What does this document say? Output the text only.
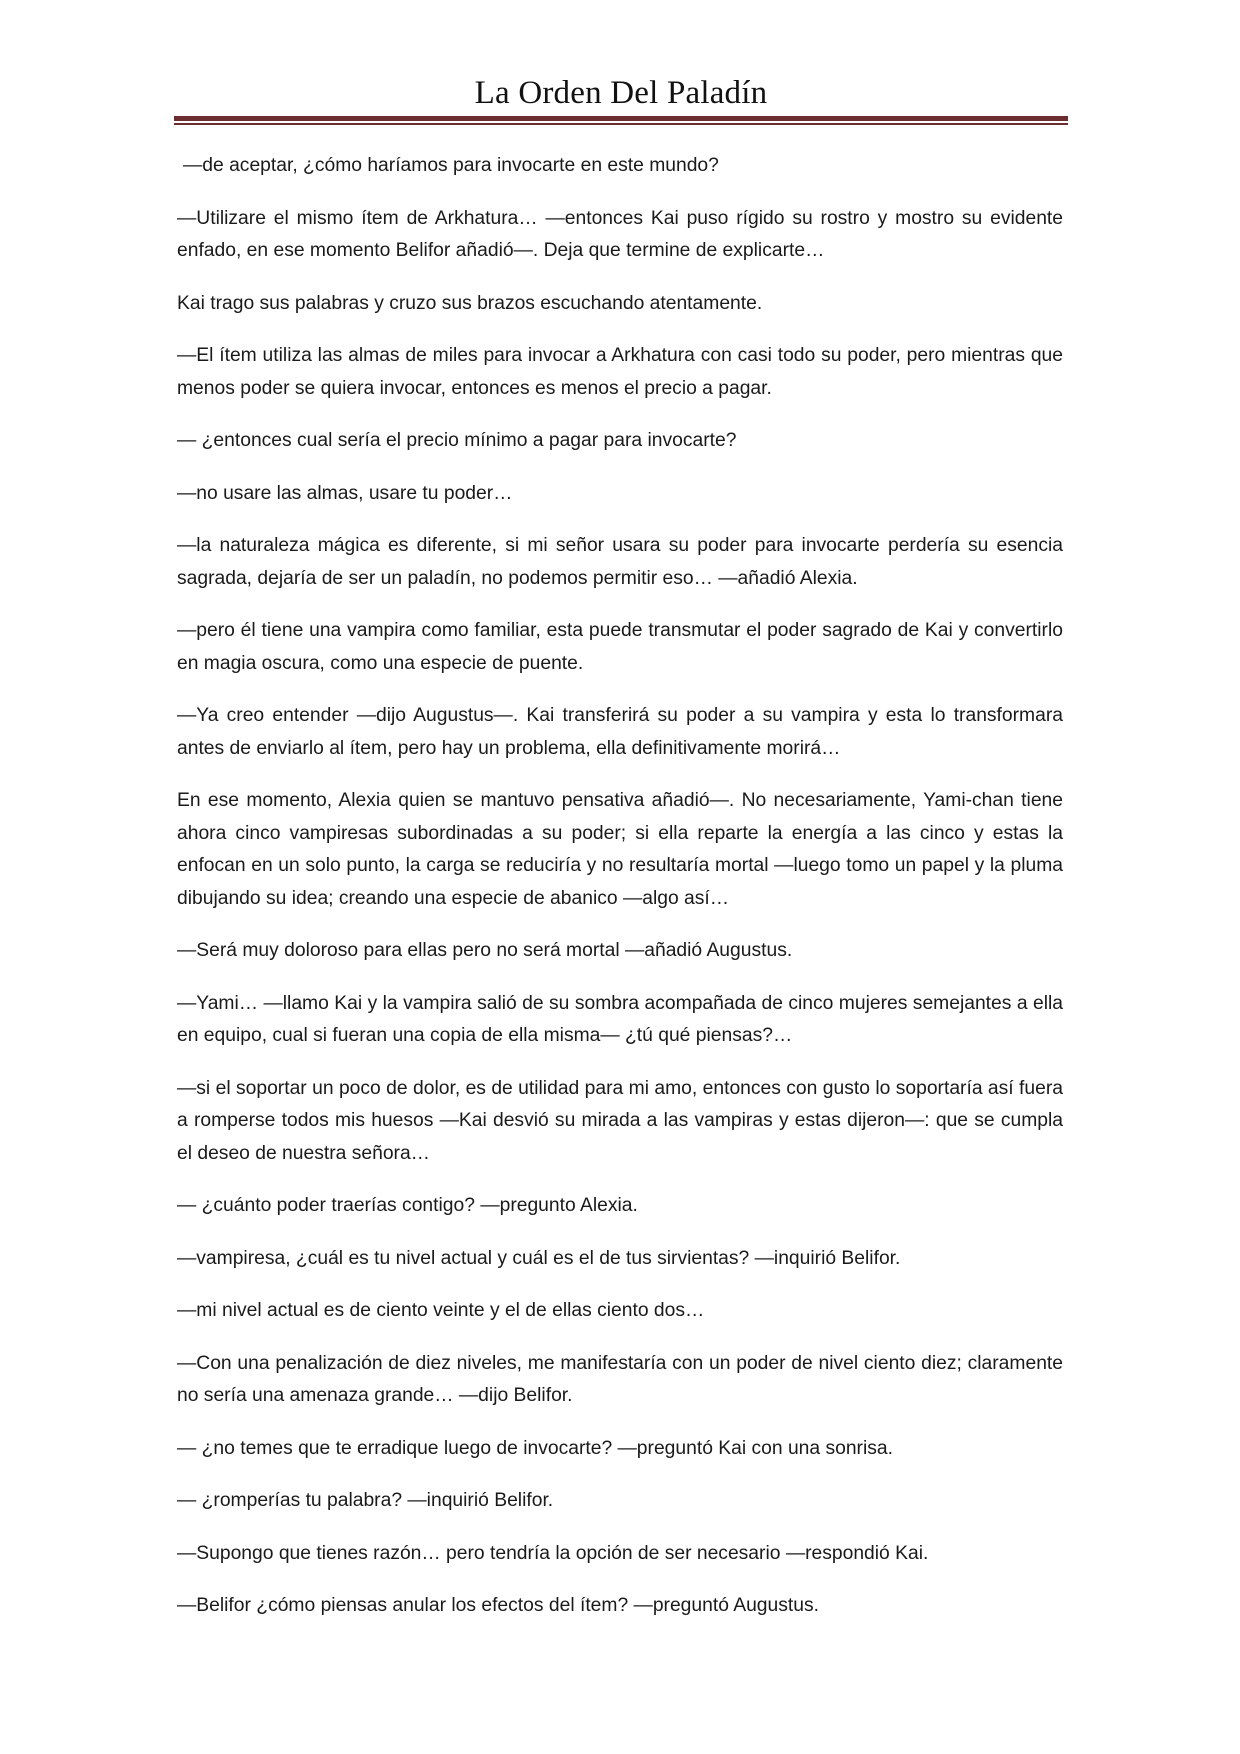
La Orden Del Paladín

—de aceptar, ¿cómo haríamos para invocarte en este mundo?

—Utilizare el mismo ítem de Arkhatura… —entonces Kai puso rígido su rostro y mostro su evidente enfado, en ese momento Belifor añadió—. Deja que termine de explicarte…

Kai trago sus palabras y cruzo sus brazos escuchando atentamente.

—El ítem utiliza las almas de miles para invocar a Arkhatura con casi todo su poder, pero mientras que menos poder se quiera invocar, entonces es menos el precio a pagar.

— ¿entonces cual sería el precio mínimo a pagar para invocarte?

—no usare las almas, usare tu poder…

—la naturaleza mágica es diferente, si mi señor usara su poder para invocarte perdería su esencia sagrada, dejaría de ser un paladín, no podemos permitir eso… —añadió Alexia.

—pero él tiene una vampira como familiar, esta puede transmutar el poder sagrado de Kai y convertirlo en magia oscura, como una especie de puente.

—Ya creo entender —dijo Augustus—. Kai transferirá su poder a su vampira y esta lo transformara antes de enviarlo al ítem, pero hay un problema, ella definitivamente morirá…

En ese momento, Alexia quien se mantuvo pensativa añadió—. No necesariamente, Yami-chan tiene ahora cinco vampiresas subordinadas a su poder; si ella reparte la energía a las cinco y estas la enfocan en un solo punto, la carga se reduciría y no resultaría mortal —luego tomo un papel y la pluma dibujando su idea; creando una especie de abanico —algo así…

—Será muy doloroso para ellas pero no será mortal —añadió Augustus.

—Yami… —llamo Kai y la vampira salió de su sombra acompañada de cinco mujeres semejantes a ella en equipo, cual si fueran una copia de ella misma— ¿tú qué piensas?…

—si el soportar un poco de dolor, es de utilidad para mi amo, entonces con gusto lo soportaría así fuera a romperse todos mis huesos —Kai desvió su mirada a las vampiras y estas dijeron—: que se cumpla el deseo de nuestra señora…

— ¿cuánto poder traerías contigo? —pregunto Alexia.

—vampiresa, ¿cuál es tu nivel actual y cuál es el de tus sirvientas? —inquirió Belifor.

—mi nivel actual es de ciento veinte y el de ellas ciento dos…

—Con una penalización de diez niveles, me manifestaría con un poder de nivel ciento diez; claramente no sería una amenaza grande… —dijo Belifor.

— ¿no temes que te erradique luego de invocarte? —preguntó Kai con una sonrisa.

— ¿romperías tu palabra? —inquirió Belifor.

—Supongo que tienes razón… pero tendría la opción de ser necesario —respondió Kai.

—Belifor ¿cómo piensas anular los efectos del ítem? —preguntó Augustus.
